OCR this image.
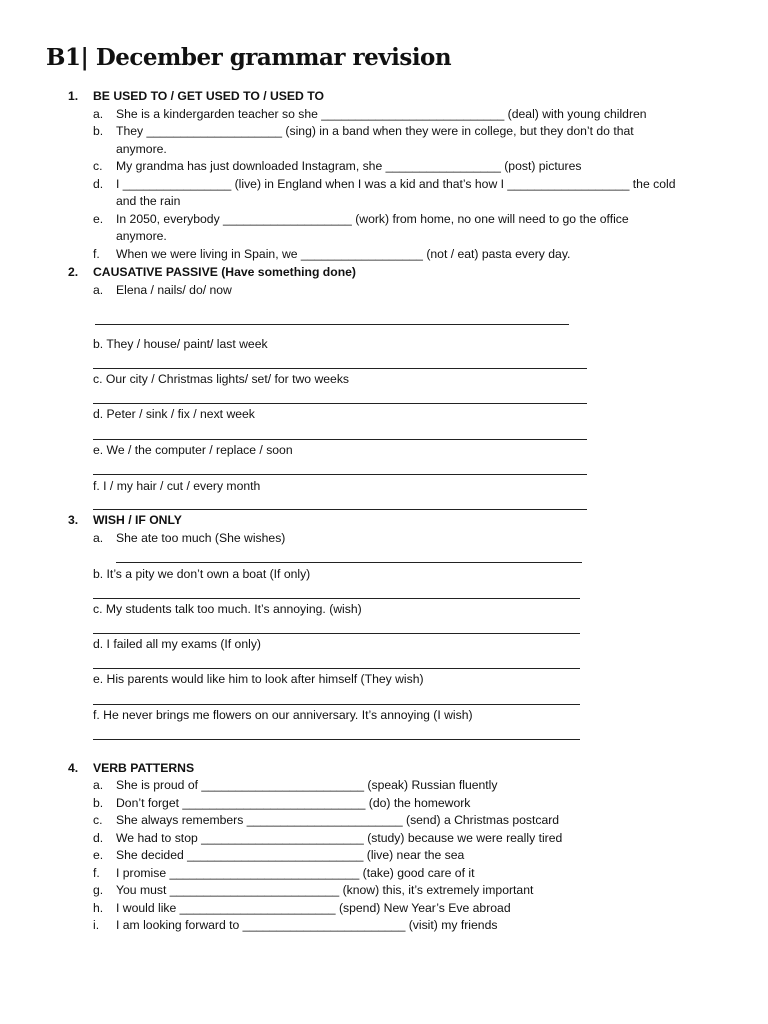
B1| December grammar revision
1. BE USED TO / GET USED TO / USED TO
a. She is a kindergarden teacher so she ___________________________ (deal) with young children
b. They ____________________ (sing) in a band when they were in college, but they don’t do that
anymore.
c. My grandma has just downloaded Instagram, she _________________ (post) pictures
d. I ________________ (live) in England when I was a kid and that’s how I __________________ the cold
and the rain
e. In 2050, everybody ___________________ (work) from home, no one will need to go the office
anymore.
f. When we were living in Spain, we __________________ (not / eat) pasta every day.
2. CAUSATIVE PASSIVE (Have something done)
a. Elena / nails/ do/ now
b. They / house/ paint/ last week
c. Our city / Christmas lights/ set/ for two weeks
d. Peter / sink / fix / next week
e. We / the computer / replace / soon
f. I / my hair / cut / every month
3. WISH / IF ONLY
a. She ate too much (She wishes)
b. It’s a pity we don’t own a boat (If only)
c. My students talk too much. It’s annoying. (wish)
d. I failed all my exams (If only)
e. His parents would like him to look after himself (They wish)
f. He never brings me flowers on our anniversary. It’s annoying (I wish)
4. VERB PATTERNS
a. She is proud of ________________________ (speak) Russian fluently
b. Don’t forget ___________________________ (do) the homework
c. She always remembers _______________________ (send) a Christmas postcard
d. We had to stop ________________________ (study) because we were really tired
e. She decided __________________________ (live) near the sea
f. I promise ____________________________ (take) good care of it
g. You must _________________________ (know) this, it’s extremely important
h. I would like _______________________ (spend) New Year’s Eve abroad
i. I am looking forward to ________________________ (visit) my friends
